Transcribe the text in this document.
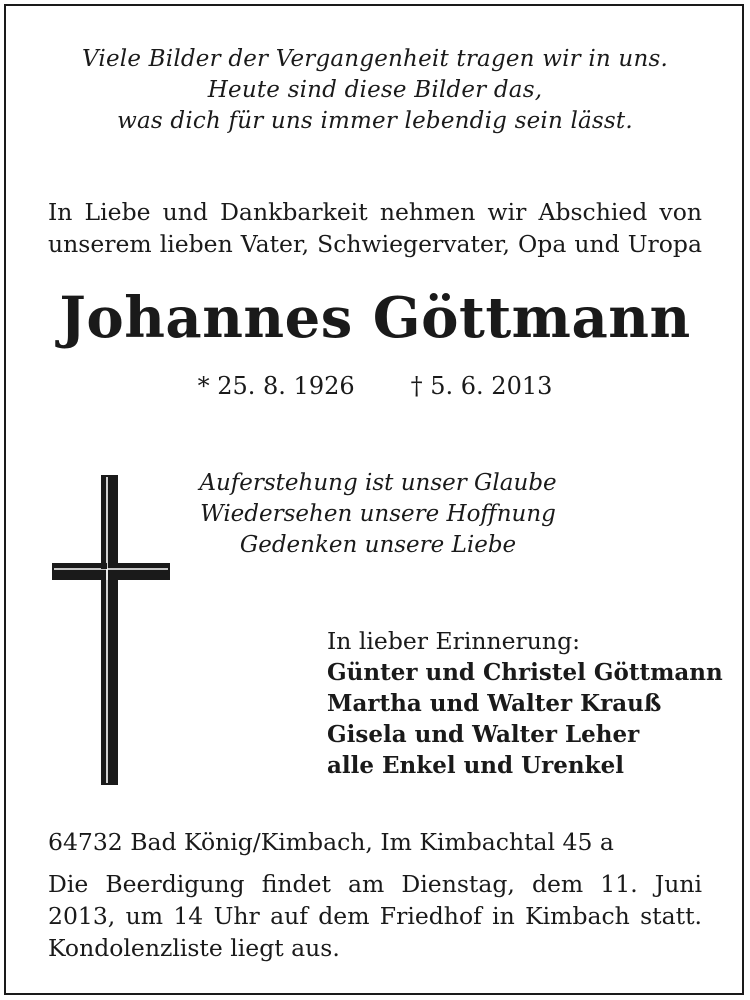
Viele Bilder der Vergangenheit tragen wir in uns.
Heute sind diese Bilder das,
was dich für uns immer lebendig sein lässt.
In Liebe und Dankbarkeit nehmen wir Abschied von
unserem lieben Vater, Schwiegervater, Opa und Uropa
Johannes Göttmann
* 25. 8. 1926 † 5. 6. 2013
Auferstehung ist unser Glaube
Wiedersehen unsere Hoffnung
Gedenken unsere Liebe
In lieber Erinnerung:
Günter und Christel Göttmann
Martha und Walter Krauß
Gisela und Walter Leher
alle Enkel und Urenkel
64732 Bad König/Kimbach, Im Kimbachtal 45 a
Die Beerdigung findet am Dienstag, dem 11. Juni
2013, um 14 Uhr auf dem Friedhof in Kimbach statt.
Kondolenzliste liegt aus.
